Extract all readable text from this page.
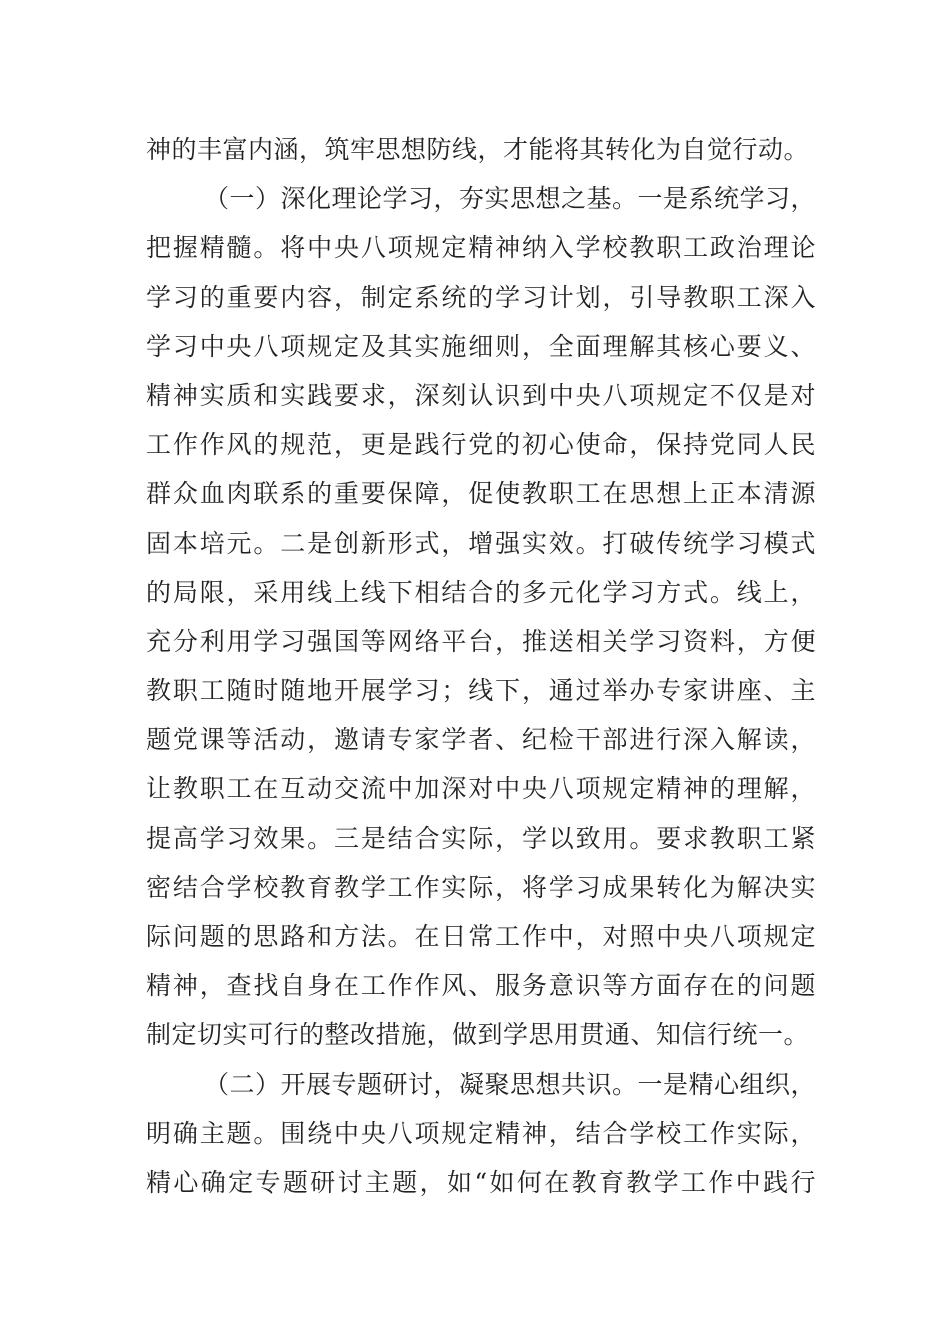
神的丰富内涵，筑牢思想防线，才能将其转化为自觉行动。
（一）深化理论学习，夯实思想之基。一是系统学习，
把握精髓。将中央八项规定精神纳入学校教职工政治理论
学习的重要内容，制定系统的学习计划，引导教职工深入
学习中央八项规定及其实施细则，全面理解其核心要义、
精神实质和实践要求，深刻认识到中央八项规定不仅是对
工作作风的规范，更是践行党的初心使命，保持党同人民
群众血肉联系的重要保障，促使教职工在思想上正本清源
固本培元。二是创新形式，增强实效。打破传统学习模式
的局限，采用线上线下相结合的多元化学习方式。线上，
充分利用学习强国等网络平台，推送相关学习资料，方便
教职工随时随地开展学习；线下，通过举办专家讲座、主
题党课等活动，邀请专家学者、纪检干部进行深入解读，
让教职工在互动交流中加深对中央八项规定精神的理解，
提高学习效果。三是结合实际，学以致用。要求教职工紧
密结合学校教育教学工作实际，将学习成果转化为解决实
际问题的思路和方法。在日常工作中，对照中央八项规定
精神，查找自身在工作作风、服务意识等方面存在的问题
制定切实可行的整改措施，做到学思用贯通、知信行统一。
（二）开展专题研讨，凝聚思想共识。一是精心组织，
明确主题。围绕中央八项规定精神，结合学校工作实际，
精心确定专题研讨主题，如“如何在教育教学工作中践行
